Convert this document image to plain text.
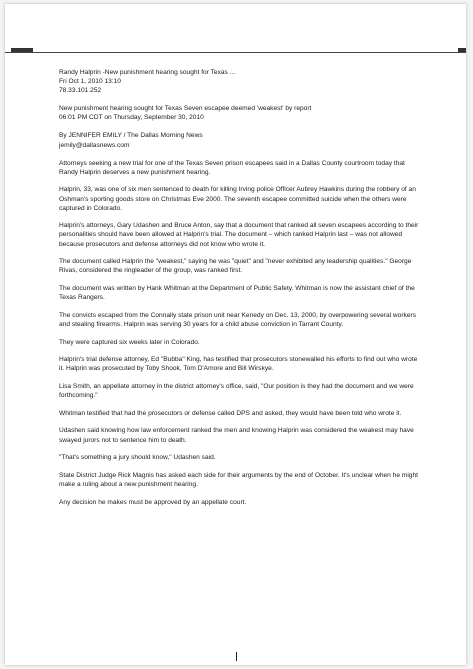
Randy Halprin -New punishment hearing sought for Texas ...

Fri Oct 1, 2010 13:10

78.33.101.252

New punishment hearing sought for Texas Seven escapee deemed 'weakest' by report

06:01 PM CDT on Thursday, September 30, 2010

By JENNIFER EMILY / The Dallas Morning News

jemily@dallasnews.com

Attorneys seeking a new trial for one of the Texas Seven prison escapees said in a Dallas County courtroom today that Randy Halprin deserves a new punishment hearing.

Halprin, 33, was one of six men sentenced to death for killing Irving police Officer Aubrey Hawkins during the robbery of an Oshman's sporting goods store on Christmas Eve 2000. The seventh escapee committed suicide when the others were captured in Colorado.

Halprin's attorneys, Gary Udashen and Bruce Anton, say that a document that ranked all seven escapees according to their personalities should have been allowed at Halprin's trial. The document – which ranked Halprin last – was not allowed because prosecutors and defense attorneys did not know who wrote it.

The document called Halprin the "weakest," saying he was "quiet" and "never exhibited any leadership qualities." George Rivas, considered the ringleader of the group, was ranked first.

The document was written by Hank Whitman at the Department of Public Safety. Whitman is now the assistant chief of the Texas Rangers.

The convicts escaped from the Connally state prison unit near Kenedy on Dec. 13, 2000, by overpowering several workers and stealing firearms. Halprin was serving 30 years for a child abuse conviction in Tarrant County.

They were captured six weeks later in Colorado.

Halprin's trial defense attorney, Ed "Bubba" King, has testified that prosecutors stonewalled his efforts to find out who wrote it. Halprin was prosecuted by Toby Shook, Tom D'Amore and Bill Wirskye.

Lisa Smith, an appellate attorney in the district attorney's office, said, "Our position is they had the document and we were forthcoming."

Whitman testified that had the prosecutors or defense called DPS and asked, they would have been told who wrote it.

Udashen said knowing how law enforcement ranked the men and knowing Halprin was considered the weakest may have swayed jurors not to sentence him to death.

"That's something a jury should know," Udashen said.

State District Judge Rick Magnis has asked each side for their arguments by the end of October. It's unclear when he might make a ruling about a new punishment hearing.

Any decision he makes must be approved by an appellate court.
